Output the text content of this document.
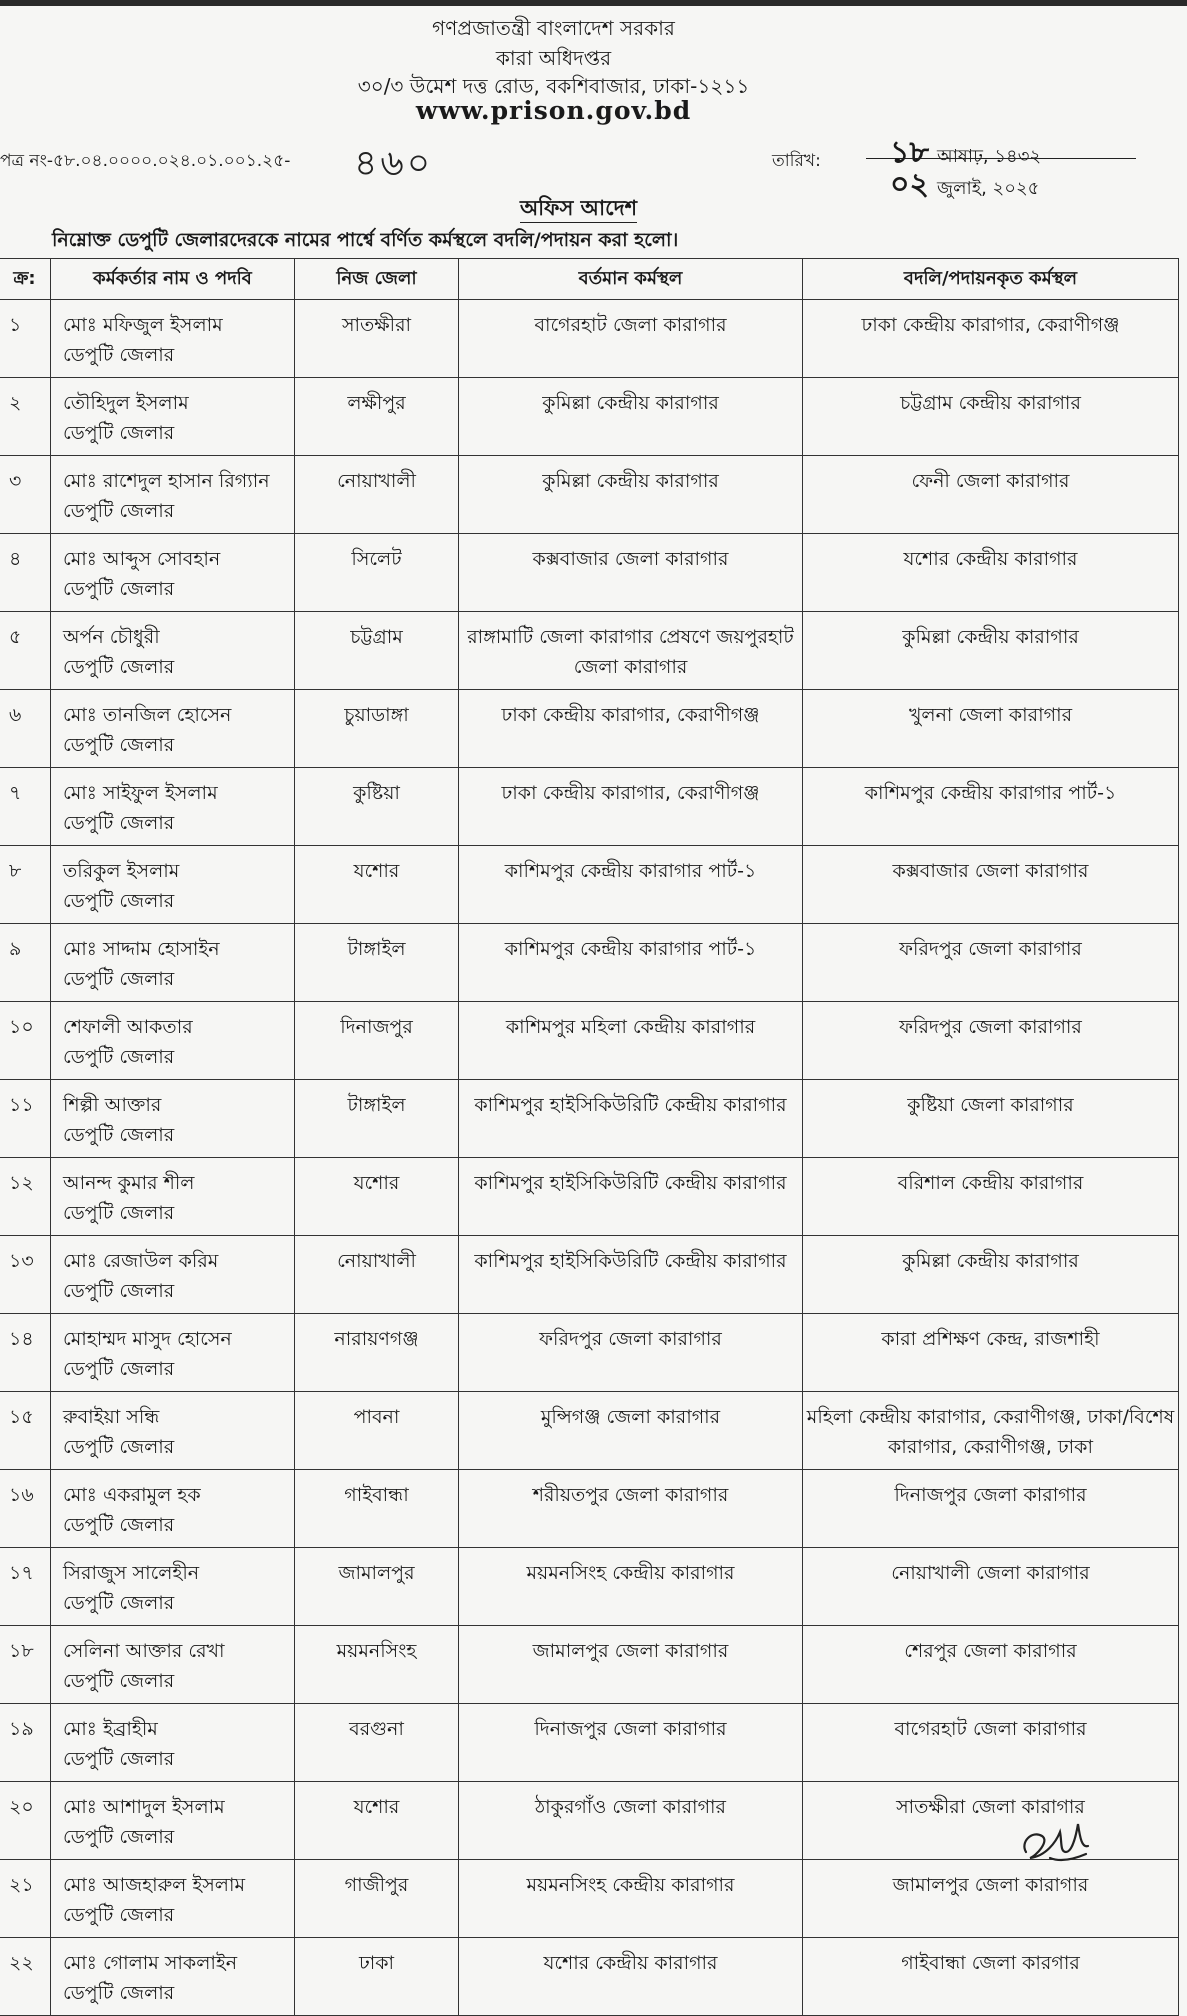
গণপ্রজাতন্ত্রী বাংলাদেশ সরকার
কারা অধিদপ্তর
৩০/৩ উমেশ দত্ত রোড, বকশিবাজার, ঢাকা-১২১১
www.prison.gov.bd
পত্র নং-৫৮.০৪.০০০০.০২৪.০১.০০১.২৫- ৪৬০	তারিখ: ১৮ আষাঢ়, ১৪৩২
০২ জুলাই, ২০২৫
অফিস আদেশ
নিম্নোক্ত ডেপুটি জেলারদেরকে নামের পার্শ্বে বর্ণিত কর্মস্থলে বদলি/পদায়ন করা হলো।
ক্র:	কর্মকর্তার নাম ও পদবি	নিজ জেলা	বর্তমান কর্মস্থল	বদলি/পদায়নকৃত কর্মস্থল
১	মোঃ মফিজুল ইসলাম
ডেপুটি জেলার	সাতক্ষীরা	বাগেরহাট জেলা কারাগার	ঢাকা কেন্দ্রীয় কারাগার, কেরাণীগঞ্জ
২	তৌহিদুল ইসলাম
ডেপুটি জেলার	লক্ষীপুর	কুমিল্লা কেন্দ্রীয় কারাগার	চট্টগ্রাম কেন্দ্রীয় কারাগার
৩	মোঃ রাশেদুল হাসান রিগ্যান
ডেপুটি জেলার	নোয়াখালী	কুমিল্লা কেন্দ্রীয় কারাগার	ফেনী জেলা কারাগার
৪	মোঃ আব্দুস সোবহান
ডেপুটি জেলার	সিলেট	কক্সবাজার জেলা কারাগার	যশোর কেন্দ্রীয় কারাগার
৫	অর্পন চৌধুরী
ডেপুটি জেলার	চট্টগ্রাম	রাঙ্গামাটি জেলা কারাগার প্রেষণে জয়পুরহাট জেলা কারাগার	কুমিল্লা কেন্দ্রীয় কারাগার
৬	মোঃ তানজিল হোসেন
ডেপুটি জেলার	চুয়াডাঙ্গা	ঢাকা কেন্দ্রীয় কারাগার, কেরাণীগঞ্জ	খুলনা জেলা কারাগার
৭	মোঃ সাইফুল ইসলাম
ডেপুটি জেলার	কুষ্টিয়া	ঢাকা কেন্দ্রীয় কারাগার, কেরাণীগঞ্জ	কাশিমপুর কেন্দ্রীয় কারাগার পার্ট-১
৮	তরিকুল ইসলাম
ডেপুটি জেলার	যশোর	কাশিমপুর কেন্দ্রীয় কারাগার পার্ট-১	কক্সবাজার জেলা কারাগার
৯	মোঃ সাদ্দাম হোসাইন
ডেপুটি জেলার	টাঙ্গাইল	কাশিমপুর কেন্দ্রীয় কারাগার পার্ট-১	ফরিদপুর জেলা কারাগার
১০	শেফালী আকতার
ডেপুটি জেলার	দিনাজপুর	কাশিমপুর মহিলা কেন্দ্রীয় কারাগার	ফরিদপুর জেলা কারাগার
১১	শিল্পী আক্তার
ডেপুটি জেলার	টাঙ্গাইল	কাশিমপুর হাইসিকিউরিটি কেন্দ্রীয় কারাগার	কুষ্টিয়া জেলা কারাগার
১২	আনন্দ কুমার শীল
ডেপুটি জেলার	যশোর	কাশিমপুর হাইসিকিউরিটি কেন্দ্রীয় কারাগার	বরিশাল কেন্দ্রীয় কারাগার
১৩	মোঃ রেজাউল করিম
ডেপুটি জেলার	নোয়াখালী	কাশিমপুর হাইসিকিউরিটি কেন্দ্রীয় কারাগার	কুমিল্লা কেন্দ্রীয় কারাগার
১৪	মোহাম্মদ মাসুদ হোসেন
ডেপুটি জেলার	নারায়ণগঞ্জ	ফরিদপুর জেলা কারাগার	কারা প্রশিক্ষণ কেন্দ্র, রাজশাহী
১৫	রুবাইয়া সন্ধি
ডেপুটি জেলার	পাবনা	মুন্সিগঞ্জ জেলা কারাগার	মহিলা কেন্দ্রীয় কারাগার, কেরাণীগঞ্জ, ঢাকা/বিশেষ কারাগার, কেরাণীগঞ্জ, ঢাকা
১৬	মোঃ একরামুল হক
ডেপুটি জেলার	গাইবান্ধা	শরীয়তপুর জেলা কারাগার	দিনাজপুর জেলা কারাগার
১৭	সিরাজুস সালেহীন
ডেপুটি জেলার	জামালপুর	ময়মনসিংহ কেন্দ্রীয় কারাগার	নোয়াখালী জেলা কারাগার
১৮	সেলিনা আক্তার রেখা
ডেপুটি জেলার	ময়মনসিংহ	জামালপুর জেলা কারাগার	শেরপুর জেলা কারাগার
১৯	মোঃ ইব্রাহীম
ডেপুটি জেলার	বরগুনা	দিনাজপুর জেলা কারাগার	বাগেরহাট জেলা কারাগার
২০	মোঃ আশাদুল ইসলাম
ডেপুটি জেলার	যশোর	ঠাকুরগাঁও জেলা কারাগার	সাতক্ষীরা জেলা কারাগার
২১	মোঃ আজহারুল ইসলাম
ডেপুটি জেলার	গাজীপুর	ময়মনসিংহ কেন্দ্রীয় কারাগার	জামালপুর জেলা কারাগার
২২	মোঃ গোলাম সাকলাইন
ডেপুটি জেলার	ঢাকা	যশোর কেন্দ্রীয় কারাগার	গাইবান্ধা জেলা কারগার
